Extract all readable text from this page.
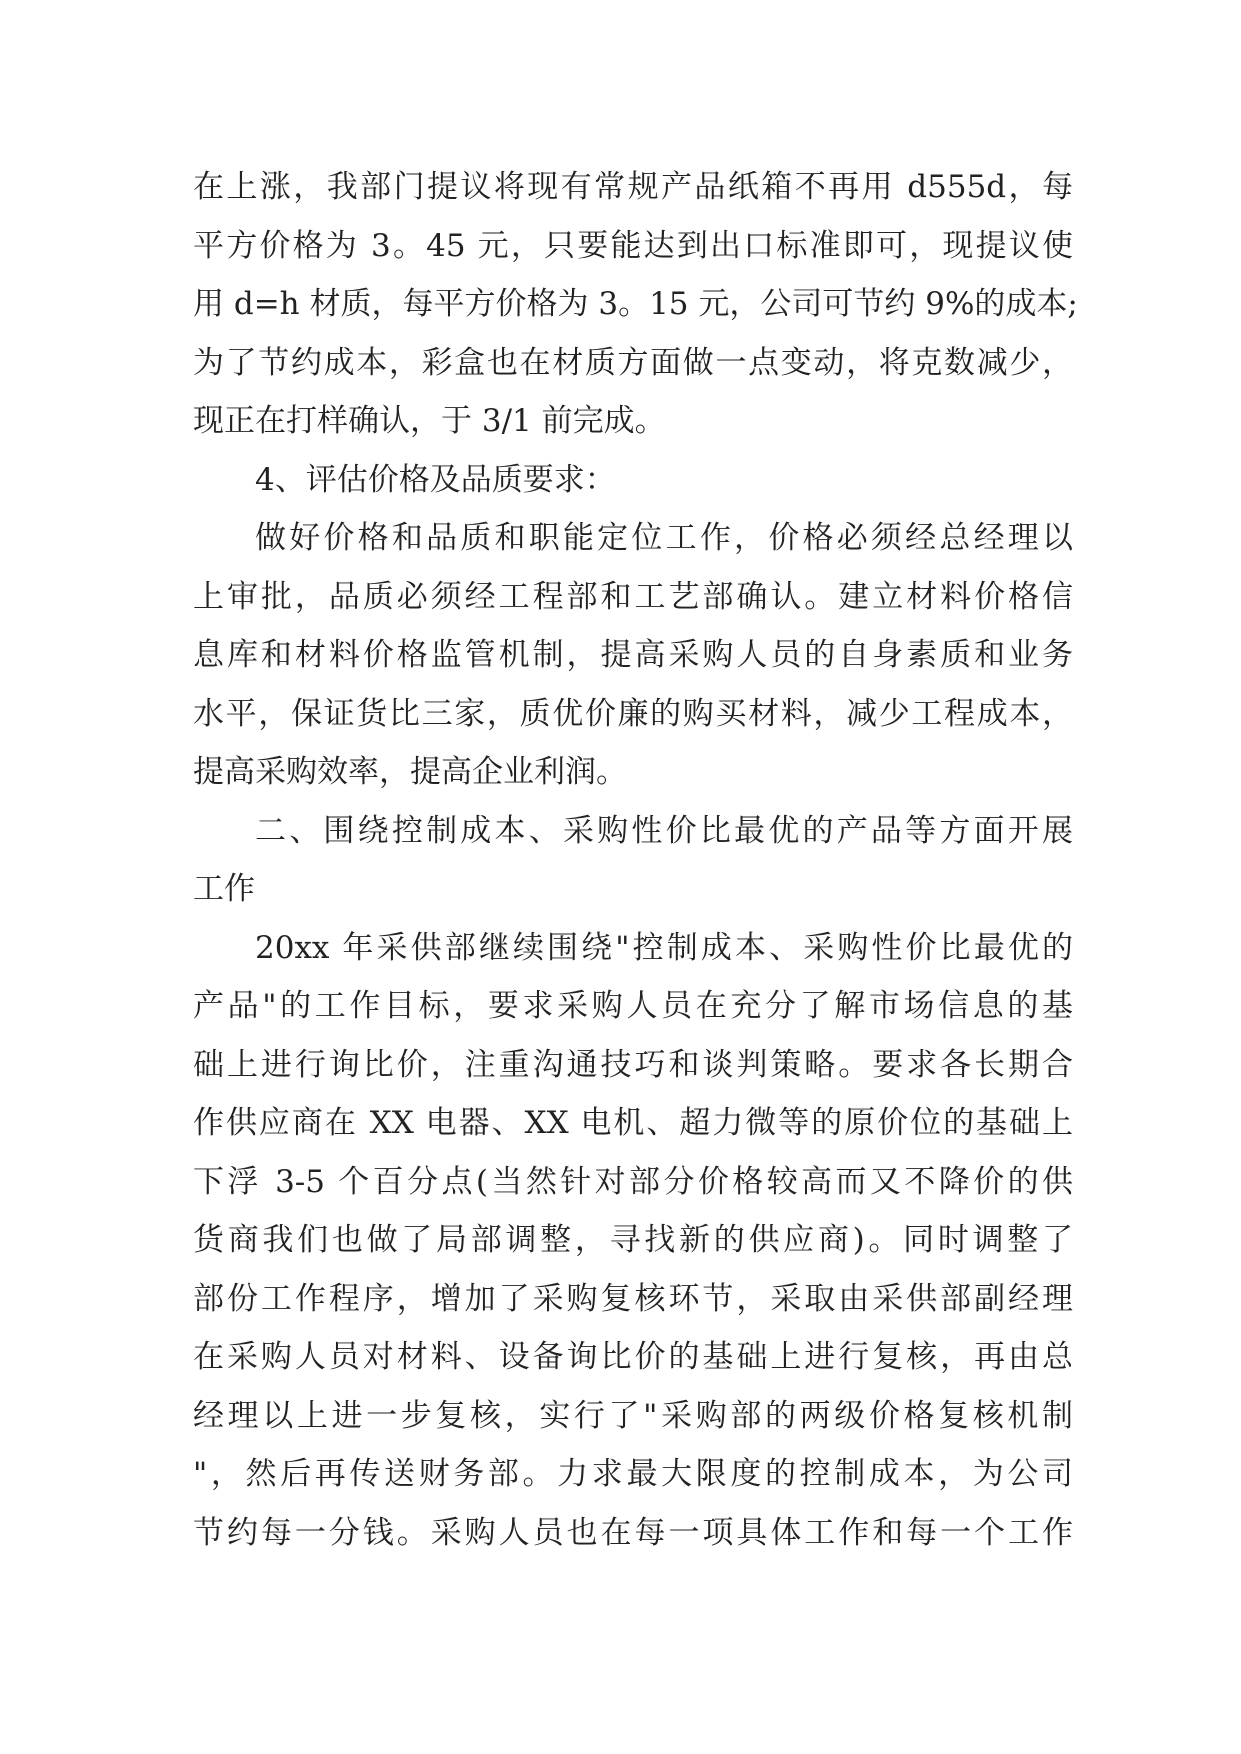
在上涨，我部门提议将现有常规产品纸箱不再用 d555d，每
平方价格为 3。45 元，只要能达到出口标准即可，现提议使
用 d=h 材质，每平方价格为 3。15 元，公司可节约 9%的成本;
为了节约成本，彩盒也在材质方面做一点变动，将克数减少，
现正在打样确认，于 3/1 前完成。
4、评估价格及品质要求：
做好价格和品质和职能定位工作，价格必须经总经理以
上审批，品质必须经工程部和工艺部确认。建立材料价格信
息库和材料价格监管机制，提高采购人员的自身素质和业务
水平，保证货比三家，质优价廉的购买材料，减少工程成本，
提高采购效率，提高企业利润。
二、围绕控制成本、采购性价比最优的产品等方面开展
工作
20xx 年采供部继续围绕"控制成本、采购性价比最优的
产品"的工作目标，要求采购人员在充分了解市场信息的基
础上进行询比价，注重沟通技巧和谈判策略。要求各长期合
作供应商在 XX 电器、XX 电机、超力微等的原价位的基础上
下浮 3-5 个百分点(当然针对部分价格较高而又不降价的供
货商我们也做了局部调整，寻找新的供应商)。同时调整了
部份工作程序，增加了采购复核环节，采取由采供部副经理
在采购人员对材料、设备询比价的基础上进行复核，再由总
经理以上进一步复核，实行了"采购部的两级价格复核机制
"，然后再传送财务部。力求最大限度的控制成本，为公司
节约每一分钱。采购人员也在每一项具体工作和每一个工作
